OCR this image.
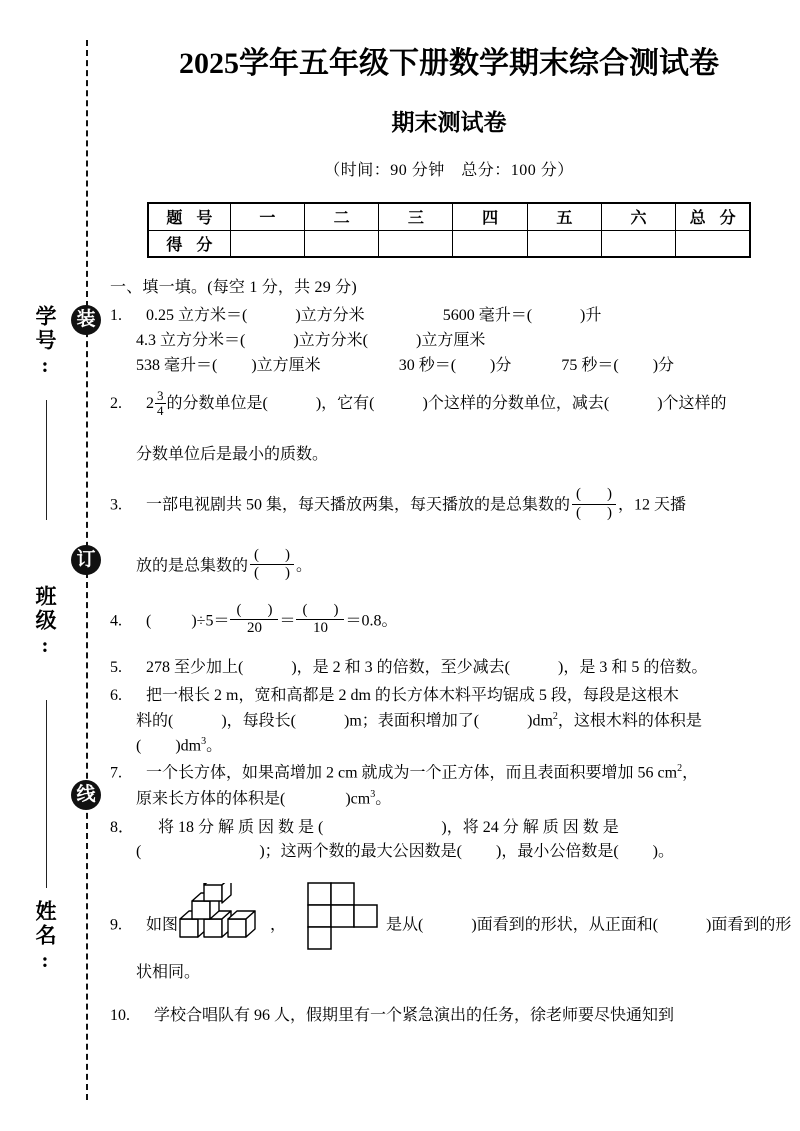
装
订
线
学号:
班级:
姓名:
2025学年五年级下册数学期末综合测试卷
期末测试卷
（时间：90 分钟　总分：100 分）
题 号	一	二	三	四	五	六	总 分
得 分							
一、填一填。(每空 1 分，共 29 分)
1. 0.25 立方米＝(	)立方分米	5600 毫升＝(	)升
4.3 立方分米＝(	)立方分米(	)立方厘米
538 毫升＝( )立方厘米	30 秒＝( )分	75 秒＝( )分
2. $2 \frac{3}{4}$ 的分数单位是(	)，它有(	)个这样的分数单位，减去(	)个这样的

分数单位后是最小的质数。
3. 一部电视剧共 50 集，每天播放两集，每天播放的是总集数的
( )
( ) ，12 天播

放的是总集数的
( )
( ) 。
4. (	)÷5＝
( )
20	＝
( )
10	＝0.8。
5. 278 至少加上(	)，是 2 和 3 的倍数，至少减去(	)，是 3 和 5 的倍数。
6. 把一根长 2 m，宽和高都是 2 dm 的长方体木料平均锯成 5 段，每段是这根木
料的(	)，每段长(	)m；表面积增加了(	)$dm^2$，这根木料的体积是
( )$dm^3$。
7. 一个长方体，如果高增加 2 cm 就成为一个正方体，而且表面积要增加 56 $cm^2$，
原来长方体的体积是(	)$cm^3$。
8． 将 18 分 解 质 因 数 是 (	)，将 24 分 解 质 因 数 是
(	)；这两个数的最大公因数是( )，最小公倍数是( )。
9. 如图	，	是从(	)面看到的形状，从正面和(	)面看到的形
状相同。
10. 学校合唱队有 96 人，假期里有一个紧急演出的任务，徐老师要尽快通知到
